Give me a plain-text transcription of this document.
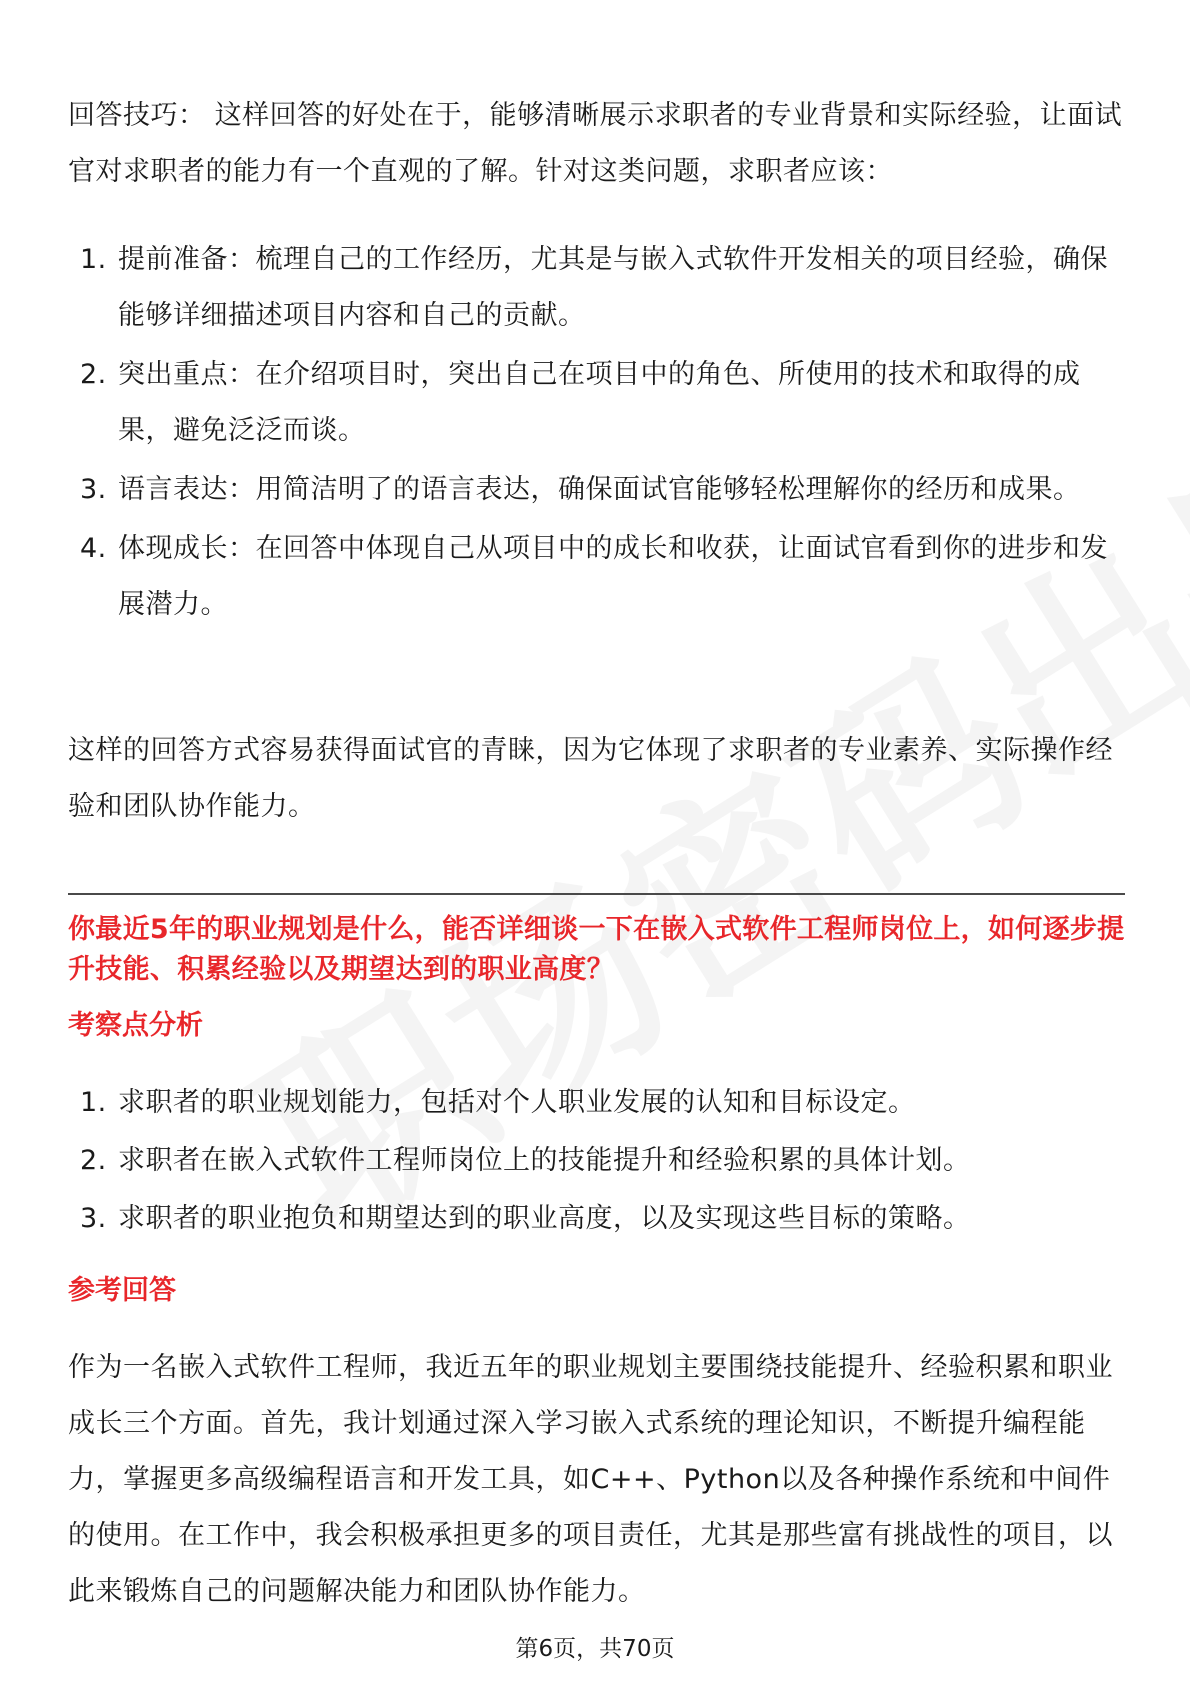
回答技巧： 这样回答的好处在于，能够清晰展示求职者的专业背景和实际经验，让面试官对求职者的能力有一个直观的了解。针对这类问题，求职者应该：

1. 提前准备：梳理自己的工作经历，尤其是与嵌入式软件开发相关的项目经验，确保能够详细描述项目内容和自己的贡献。
2. 突出重点：在介绍项目时，突出自己在项目中的角色、所使用的技术和取得的成果，避免泛泛而谈。
3. 语言表达：用简洁明了的语言表达，确保面试官能够轻松理解你的经历和成果。
4. 体现成长：在回答中体现自己从项目中的成长和收获，让面试官看到你的进步和发展潜力。

这样的回答方式容易获得面试官的青睐，因为它体现了求职者的专业素养、实际操作经验和团队协作能力。

你最近5年的职业规划是什么，能否详细谈一下在嵌入式软件工程师岗位上，如何逐步提升技能、积累经验以及期望达到的职业高度？

考察点分析

1. 求职者的职业规划能力，包括对个人职业发展的认知和目标设定。
2. 求职者在嵌入式软件工程师岗位上的技能提升和经验积累的具体计划。
3. 求职者的职业抱负和期望达到的职业高度，以及实现这些目标的策略。

参考回答

作为一名嵌入式软件工程师，我近五年的职业规划主要围绕技能提升、经验积累和职业成长三个方面。首先，我计划通过深入学习嵌入式系统的理论知识，不断提升编程能力，掌握更多高级编程语言和开发工具，如C++、Python以及各种操作系统和中间件的使用。在工作中，我会积极承担更多的项目责任，尤其是那些富有挑战性的项目，以此来锻炼自己的问题解决能力和团队协作能力。

第6页，共70页
